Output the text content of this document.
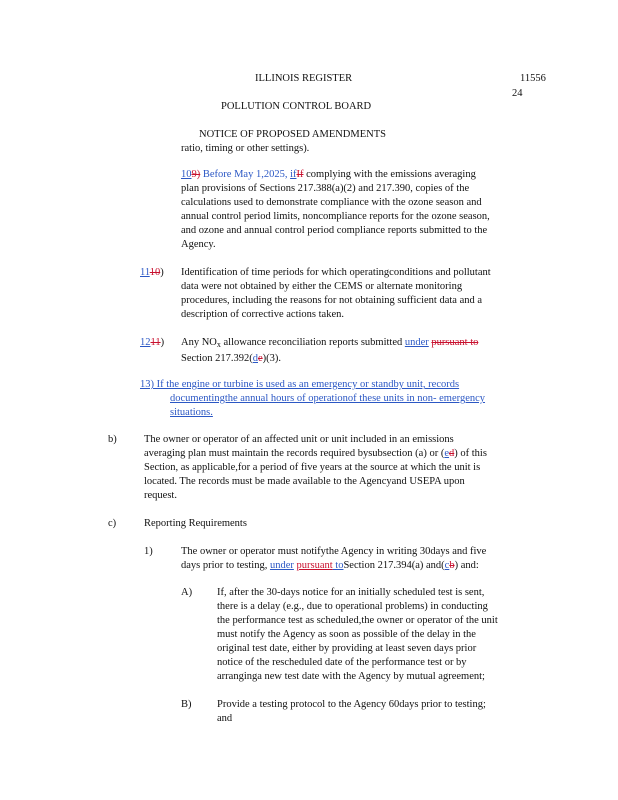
ILLINOIS REGISTER	11556
24
POLLUTION CONTROL BOARD
NOTICE OF PROPOSED AMENDMENTS
ratio, timing or other settings).
109) Before May 1,2025, ifIf complying with the emissions averaging
plan provisions of Sections 217.388(a)(2) and 217.390, copies of the
calculations used to demonstrate compliance with the ozone season and
annual control period limits, noncompliance reports for the ozone season,
and ozone and annual control period compliance reports submitted to the
Agency.
1110) Identification of time periods for which operatingconditions and pollutant
data were not obtained by either the CEMS or alternate monitoring
procedures, including the reasons for not obtaining sufficient data and a
description of corrective actions taken.
1211) Any $NO_x$ allowance reconciliation reports submitted under pursuant to
Section 217.392(de)(3).
13) If the engine or turbine is used as an emergency or standby unit, records
documentingthe annual hours of operationof these units in non- emergency
situations.
b)	The owner or operator of an affected unit or unit included in an emissions
averaging plan must maintain the records required bysubsection (a) or (ed) of this
Section, as applicable,for a period of five years at the source at which the unit is
located. The records must be made available to the Agencyand USEPA upon
request.
c)	Reporting Requirements
1)	The owner or operator must notifythe Agency in writing 30days and five
days prior to testing, under pursuant toSection 217.394(a) and(cb) and:
A) If, after the 30-days notice for an initially scheduled test is sent,
there is a delay (e.g., due to operational problems) in conducting
the performance test as scheduled,the owner or operator of the unit
must notify the Agency as soon as possible of the delay in the
original test date, either by providing at least seven days prior
notice of the rescheduled date of the performance test or by
arranginga new test date with the Agency by mutual agreement;
B) Provide a testing protocol to the Agency 60days prior to testing;
and
